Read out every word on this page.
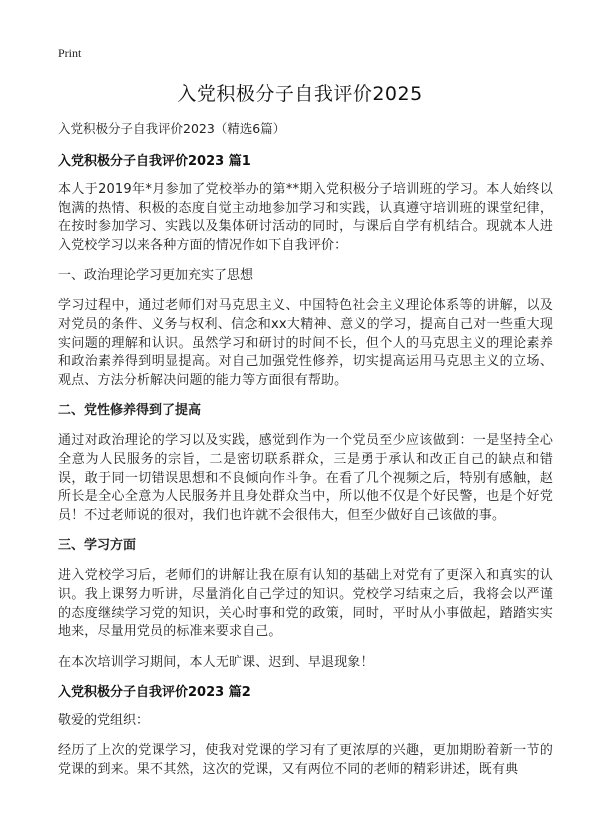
Print
入党积极分子自我评价2025

入党积极分子自我评价2023（精选6篇）

入党积极分子自我评价2023 篇1

本人于2019年*月参加了党校举办的第**期入党积极分子培训班的学习。本人始终以饱满的热情、积极的态度自觉主动地参加学习和实践，认真遵守培训班的课堂纪律，在按时参加学习、实践以及集体研讨活动的同时，与课后自学有机结合。现就本人进入党校学习以来各种方面的情况作如下自我评价：

一、政治理论学习更加充实了思想

学习过程中，通过老师们对马克思主义、中国特色社会主义理论体系等的讲解，以及对党员的条件、义务与权利、信念和xx大精神、意义的学习，提高自己对一些重大现实问题的理解和认识。虽然学习和研讨的时间不长，但个人的马克思主义的理论素养和政治素养得到明显提高。对自己加强党性修养，切实提高运用马克思主义的立场、观点、方法分析解决问题的能力等方面很有帮助。

二、党性修养得到了提高

通过对政治理论的学习以及实践，感觉到作为一个党员至少应该做到：一是坚持全心全意为人民服务的宗旨，二是密切联系群众，三是勇于承认和改正自己的缺点和错误，敢于同一切错误思想和不良倾向作斗争。在看了几个视频之后，特别有感触，赵所长是全心全意为人民服务并且身处群众当中，所以他不仅是个好民警，也是个好党员！不过老师说的很对，我们也许就不会很伟大，但至少做好自己该做的事。

三、学习方面

进入党校学习后，老师们的讲解让我在原有认知的基础上对党有了更深入和真实的认识。我上课努力听讲，尽量消化自己学过的知识。党校学习结束之后，我将会以严谨的态度继续学习党的知识，关心时事和党的政策，同时，平时从小事做起，踏踏实实地来，尽量用党员的标准来要求自己。

在本次培训学习期间，本人无旷课、迟到、早退现象！

入党积极分子自我评价2023 篇2

敬爱的党组织：

经历了上次的党课学习，使我对党课的学习有了更浓厚的兴趣，更加期盼着新一节的党课的到来。果不其然，这次的党课，又有两位不同的老师的精彩讲述，既有典
